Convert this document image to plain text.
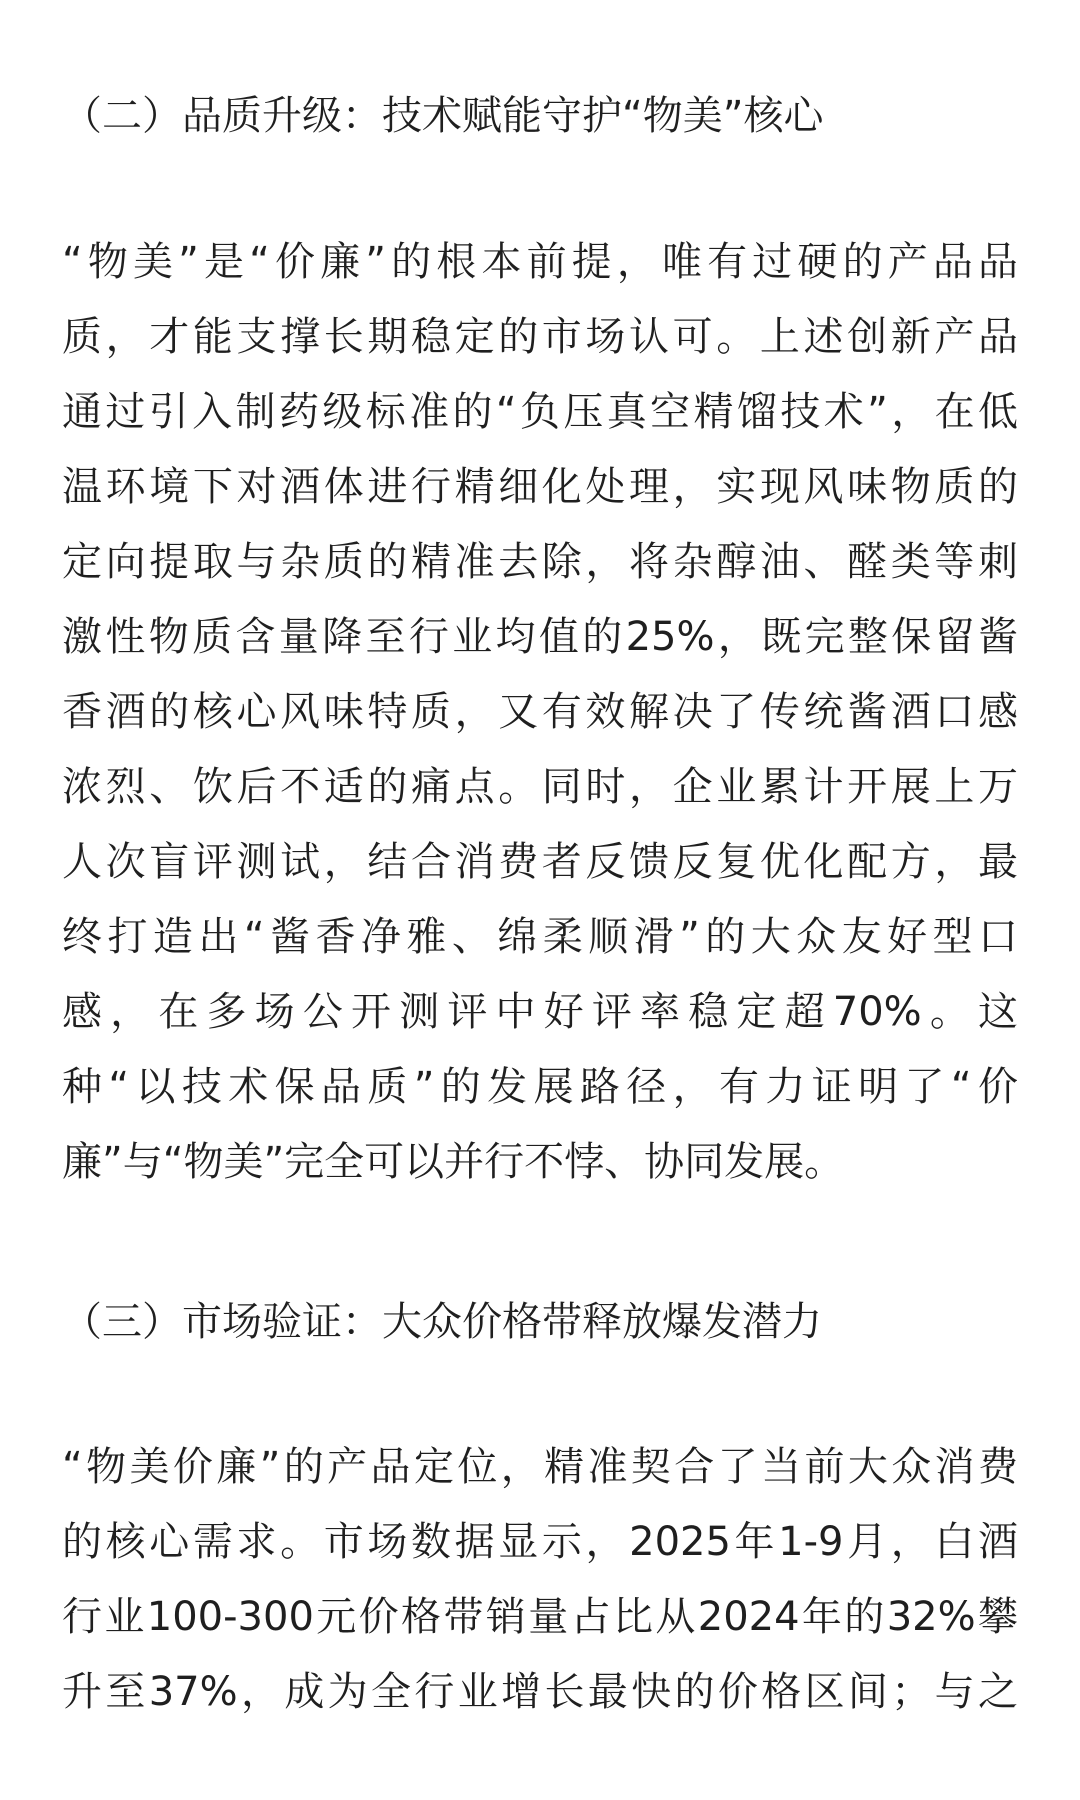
（二）品质升级：技术赋能守护“物美”核心
“物美”是“价廉”的根本前提，唯有过硬的产品品
质，才能支撑长期稳定的市场认可。上述创新产品
通过引入制药级标准的“负压真空精馏技术”，在低
温环境下对酒体进行精细化处理，实现风味物质的
定向提取与杂质的精准去除，将杂醇油、醛类等刺
激性物质含量降至行业均值的25%，既完整保留酱
香酒的核心风味特质，又有效解决了传统酱酒口感
浓烈、饮后不适的痛点。同时，企业累计开展上万
人次盲评测试，结合消费者反馈反复优化配方，最
终打造出“酱香净雅、绵柔顺滑”的大众友好型口
感，在多场公开测评中好评率稳定超70%。这
种“以技术保品质”的发展路径，有力证明了“价
廉”与“物美”完全可以并行不悖、协同发展。
（三）市场验证：大众价格带释放爆发潜力
“物美价廉”的产品定位，精准契合了当前大众消费
的核心需求。市场数据显示，2025年1-9月，白酒
行业100-300元价格带销量占比从2024年的32%攀
升至37%，成为全行业增长最快的价格区间；与之
